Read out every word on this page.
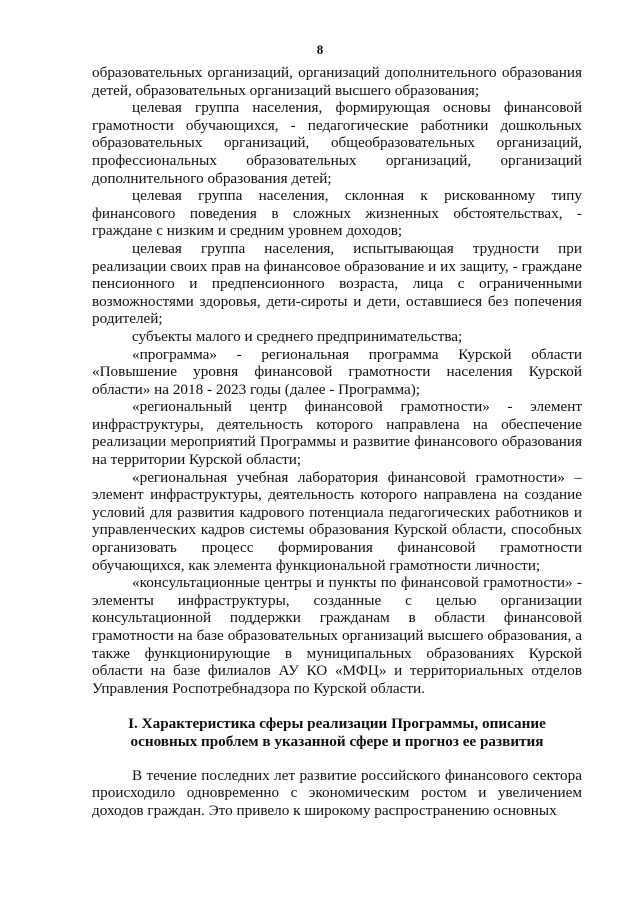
8

образовательных организаций, организаций дополнительного образования детей, образовательных организаций высшего образования;

целевая группа населения, формирующая основы финансовой грамотности обучающихся, - педагогические работники дошкольных образовательных организаций, общеобразовательных организаций, профессиональных образовательных организаций, организаций дополнительного образования детей;

целевая группа населения, склонная к рискованному типу финансового поведения в сложных жизненных обстоятельствах, - граждане с низким и средним уровнем доходов;

целевая группа населения, испытывающая трудности при реализации своих прав на финансовое образование и их защиту, - граждане пенсионного и предпенсионного возраста, лица с ограниченными возможностями здоровья, дети-сироты и дети, оставшиеся без попечения родителей;

субъекты малого и среднего предпринимательства;

«программа» - региональная программа Курской области «Повышение уровня финансовой грамотности населения Курской области» на 2018 - 2023 годы (далее - Программа);

«региональный центр финансовой грамотности» - элемент инфраструктуры, деятельность которого направлена на обеспечение реализации мероприятий Программы и развитие финансового образования на территории Курской области;

«региональная учебная лаборатория финансовой грамотности» – элемент инфраструктуры, деятельность которого направлена на создание условий для развития кадрового потенциала педагогических работников и управленческих кадров системы образования Курской области, способных организовать процесс формирования финансовой грамотности обучающихся, как элемента функциональной грамотности личности;

«консультационные центры и пункты по финансовой грамотности» - элементы инфраструктуры, созданные с целью организации консультационной поддержки гражданам в области финансовой грамотности на базе образовательных организаций высшего образования, а также функционирующие в муниципальных образованиях Курской области на базе филиалов АУ КО «МФЦ» и территориальных отделов Управления Роспотребнадзора по Курской области.

I. Характеристика сферы реализации Программы, описание основных проблем в указанной сфере и прогноз ее развития

В течение последних лет развитие российского финансового сектора происходило одновременно с экономическим ростом и увеличением доходов граждан. Это привело к широкому распространению основных
